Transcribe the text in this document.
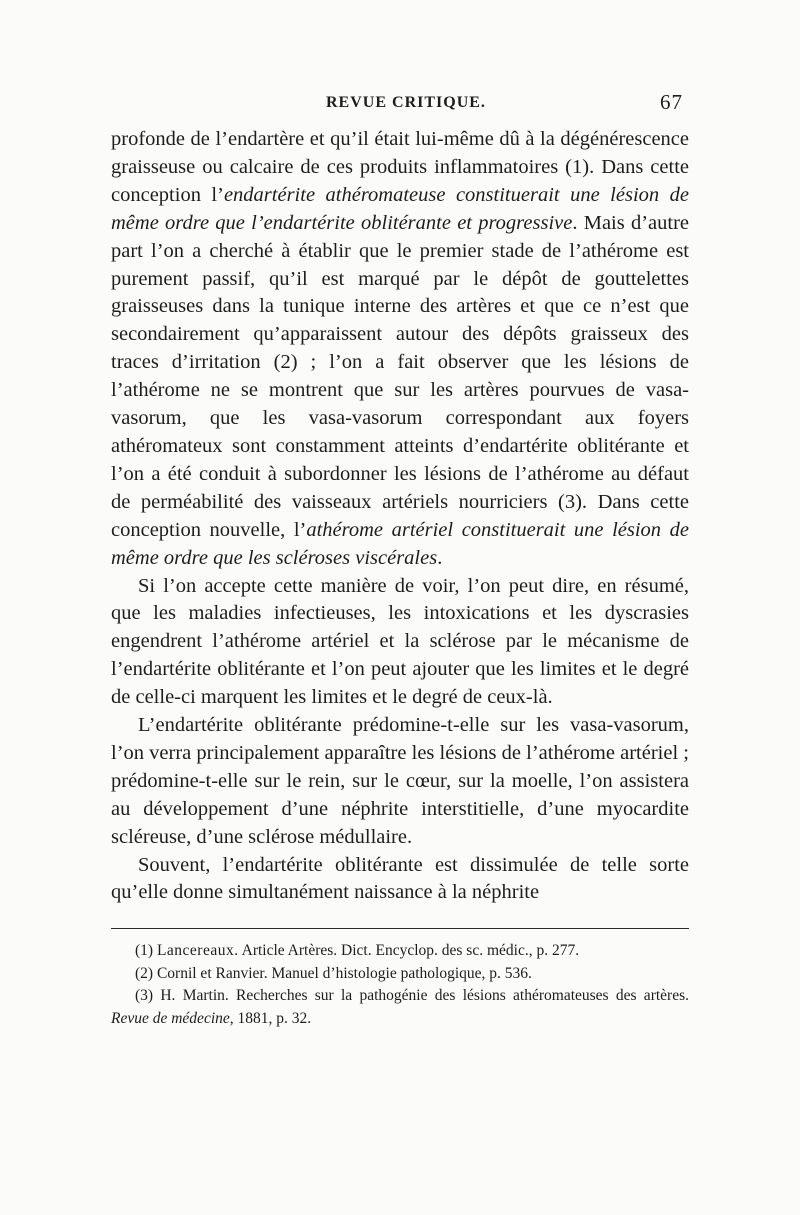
REVUE CRITIQUE.	67

profonde de l’endartère et qu’il était lui-même dû à la dégénérescence graisseuse ou calcaire de ces produits inflammatoires (1). Dans cette conception l’endartérite athéromateuse constituerait une lésion de même ordre que l’endartérite oblitérante et progressive. Mais d’autre part l’on a cherché à établir que le premier stade de l’athérome est purement passif, qu’il est marqué par le dépôt de gouttelettes graisseuses dans la tunique interne des artères et que ce n’est que secondairement qu’apparaissent autour des dépôts graisseux des traces d’irritation (2) ; l’on a fait observer que les lésions de l’athérome ne se montrent que sur les artères pourvues de vasa-vasorum, que les vasa-vasorum correspondant aux foyers athéromateux sont constamment atteints d’endartérite oblitérante et l’on a été conduit à subordonner les lésions de l’athérome au défaut de perméabilité des vaisseaux artériels nourriciers (3). Dans cette conception nouvelle, l’athérome artériel constituerait une lésion de même ordre que les scléroses viscérales.

Si l’on accepte cette manière de voir, l’on peut dire, en résumé, que les maladies infectieuses, les intoxications et les dyscrasies engendrent l’athérome artériel et la sclérose par le mécanisme de l’endartérite oblitérante et l’on peut ajouter que les limites et le degré de celle-ci marquent les limites et le degré de ceux-là.

L’endartérite oblitérante prédomine-t-elle sur les vasa-vasorum, l’on verra principalement apparaître les lésions de l’athérome artériel ; prédomine-t-elle sur le rein, sur le cœur, sur la moelle, l’on assistera au développement d’une néphrite interstitielle, d’une myocardite scléreuse, d’une sclérose médullaire.

Souvent, l’endartérite oblitérante est dissimulée de telle sorte qu’elle donne simultanément naissance à la néphrite

(1) Lancereaux. Article Artères. Dict. Encyclop. des sc. médic., p. 277.

(2) Cornil et Ranvier. Manuel d’histologie pathologique, p. 536.

(3) H. Martin. Recherches sur la pathogénie des lésions athéromateuses des artères. Revue de médecine, 1881, p. 32.
